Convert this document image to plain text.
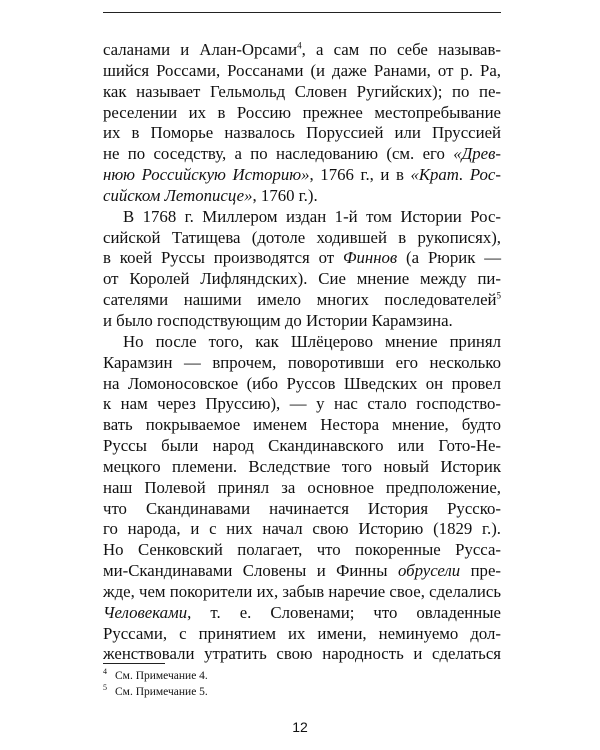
саланами и Алан-Орсами$^4$, а сам по себе называв-
шийся Россами, Россанами (и даже Ранами, от р. Ра,
как называет Гельмольд Словен Ругийских); по пе-
реселении их в Россию прежнее местопребывание
их в Поморье назвалось Порусcией или Пруссией
не по соседству, а по наследованию (см. его «Древ-
нюю Российскую Историю», 1766 г., и в «Крат. Рос-
сийском Летописце», 1760 г.).
В 1768 г. Миллером издан 1-й том Истории Рос-
сийской Татищева (дотоле ходившей в рукописях),
в коей Руссы производятся от Финнов (а Рюрик —
от Королей Лифляндских). Сие мнение между пи-
сателями нашими имело многих последователей$^5$
и было господствующим до Истории Карамзина.
Но после того, как Шлёцерово мнение принял
Карамзин — впрочем, поворотивши его несколько
на Ломоносовское (ибо Руссов Шведских он провел
к нам через Пруссию), — у нас стало господство-
вать покрываемое именем Нестора мнение, будто
Руссы были народ Скандинавского или Гото-Не-
мецкого племени. Вследствие того новый Историк
наш Полевой принял за основное предположение,
что Скандинавами начинается История Русско-
го народа, и с них начал свою Историю (1829 г.).
Но Сенковский полагает, что покоренные Русса-
ми-Скандинавами Словены и Финны обрусели пре-
жде, чем покорители их, забыв наречие свое, сделались
Человеками, т. е. Словенами; что овладенные
Руссами, с принятием их имени, неминуемо дол-
женствовали утратить свою народность и сделаться
$^4$ См. Примечание 4.
$^5$ См. Примечание 5.
12
